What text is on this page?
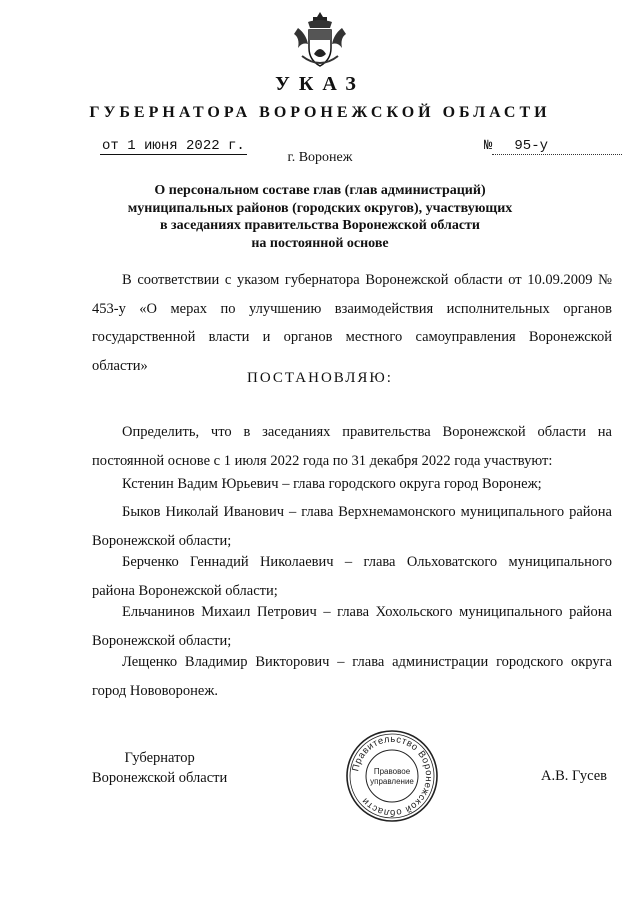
УКАЗ
ГУБЕРНАТОРА ВОРОНЕЖСКОЙ ОБЛАСТИ
от 1 июня 2022 г.	№ 95-у
г. Воронеж
О персональном составе глав (глав администраций)
муниципальных районов (городских округов), участвующих
в заседаниях правительства Воронежской области
на постоянной основе
В соответствии с указом губернатора Воронежской области от 10.09.2009 № 453-у «О мерах по улучшению взаимодействия исполнительных органов государственной власти и органов местного самоуправления Воронежской области»
ПОСТАНОВЛЯЮ:
Определить, что в заседаниях правительства Воронежской области на постоянной основе с 1 июля 2022 года по 31 декабря 2022 года участвуют:
Кстенин Вадим Юрьевич – глава городского округа город Воронеж;
Быков Николай Иванович – глава Верхнемамонского муниципального района Воронежской области;
Берченко Геннадий Николаевич – глава Ольховатского муниципального района Воронежской области;
Ельчанинов Михаил Петрович – глава Хохольского муниципального района Воронежской области;
Лещенко Владимир Викторович – глава администрации городского округа город Нововоронеж.
Губернатор
Воронежской области
Правительство Воронежской области
Правовое
управление	А.В. Гусев
